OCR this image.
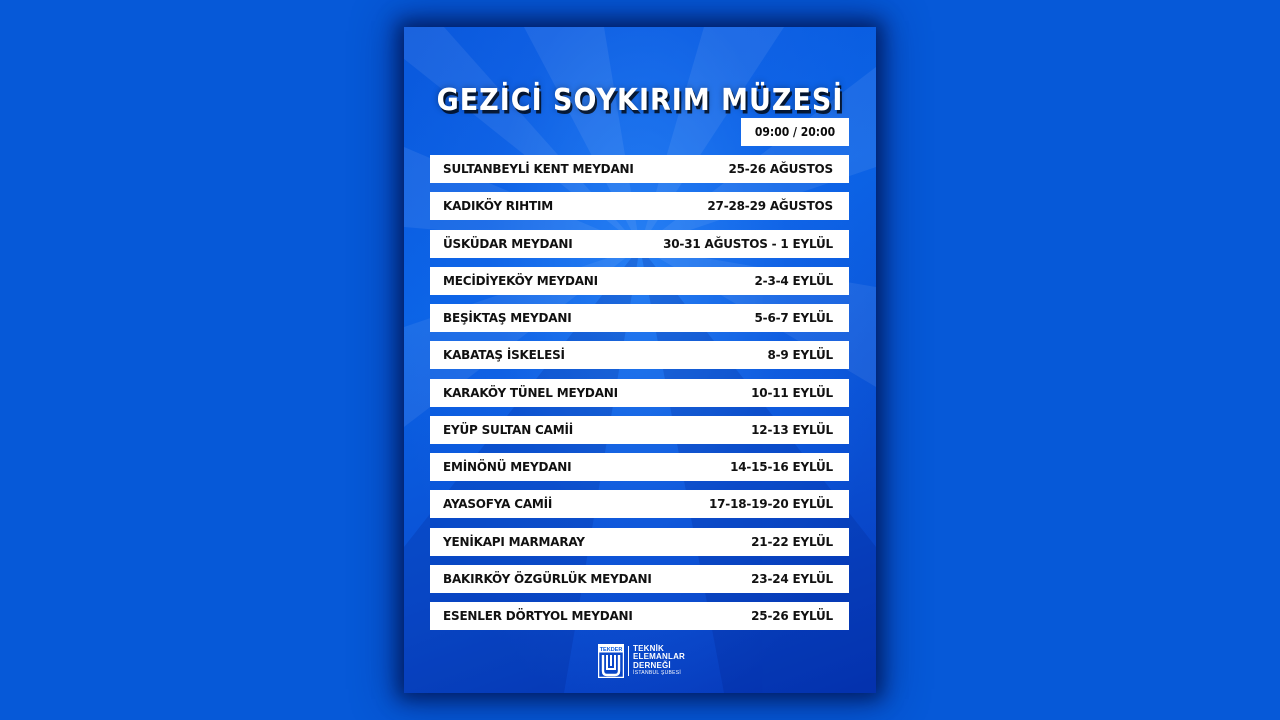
GEZİCİ SOYKIRIM MÜZESİ
09:00 / 20:00
SULTANBEYLİ KENT MEYDANI	25-26 AĞUSTOS
KADIKÖY RIHTIM	27-28-29 AĞUSTOS
ÜSKÜDAR MEYDANI	30-31 AĞUSTOS - 1 EYLÜL
MECİDİYEKÖY MEYDANI	2-3-4 EYLÜL
BEŞİKTAŞ MEYDANI	5-6-7 EYLÜL
KABATAŞ İSKELESİ	8-9 EYLÜL
KARAKÖY TÜNEL MEYDANI	10-11 EYLÜL
EYÜP SULTAN CAMİİ	12-13 EYLÜL
EMİNÖNÜ MEYDANI	14-15-16 EYLÜL
AYASOFYA CAMİİ	17-18-19-20 EYLÜL
YENİKAPI MARMARAY	21-22 EYLÜL
BAKIRKÖY ÖZGÜRLÜK MEYDANI	23-24 EYLÜL
ESENLER DÖRTYOL MEYDANI	25-26 EYLÜL
TEKDER TEKNİK
ELEMANLAR
DERNEĞİ
İSTANBUL ŞUBESİ
